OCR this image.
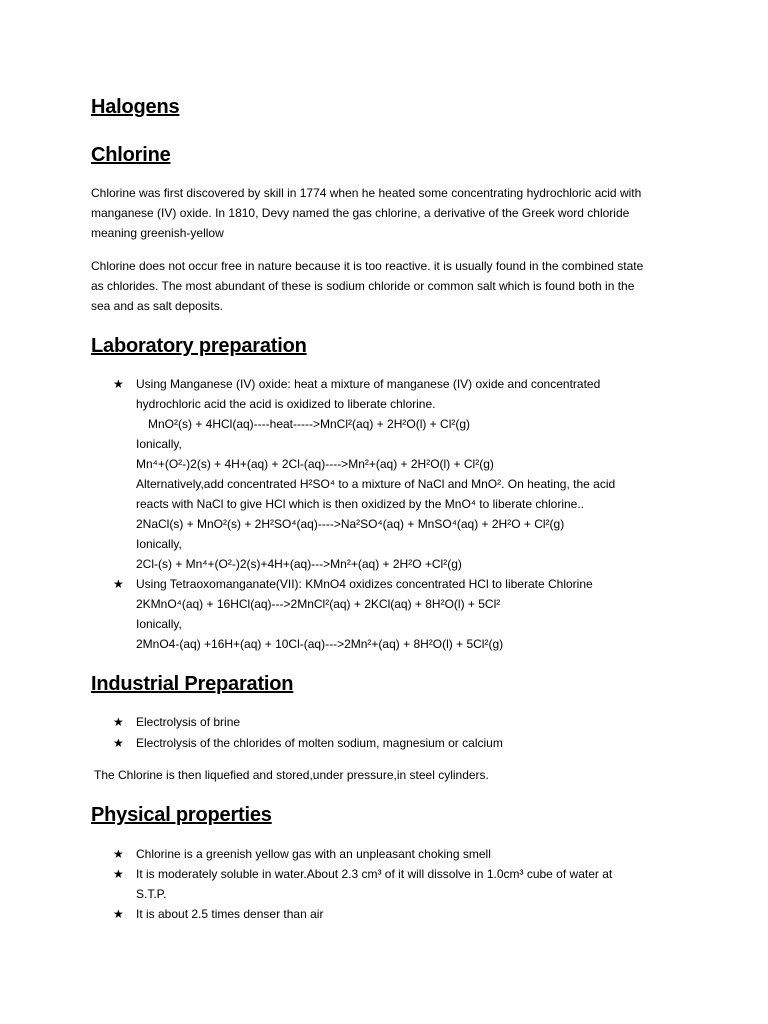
Halogens
Chlorine
Chlorine was first discovered by skill in 1774 when he heated some concentrating hydrochloric acid with
manganese (IV) oxide. In 1810, Devy named the gas chlorine, a derivative of the Greek word chloride
meaning greenish-yellow
Chlorine does not occur free in nature because it is too reactive. it is usually found in the combined state
as chlorides. The most abundant of these is sodium chloride or common salt which is found both in the
sea and as salt deposits.
Laboratory preparation
★ Using Manganese (IV) oxide: heat a mixture of manganese (IV) oxide and concentrated
hydrochloric acid the acid is oxidized to liberate chlorine.
MnO²(s) + 4HCl(aq)----heat----->MnCl²(aq) + 2H²O(l) + Cl²(g)
Ionically,
Mn⁴+(O²-)2(s) + 4H+(aq) + 2Cl-(aq)---->Mn²+(aq) + 2H²O(l) + Cl²(g)
Alternatively,add concentrated H²SO⁴ to a mixture of NaCl and MnO². On heating, the acid
reacts with NaCl to give HCl which is then oxidized by the MnO⁴ to liberate chlorine..
2NaCl(s) + MnO²(s) + 2H²SO⁴(aq)---->Na²SO⁴(aq) + MnSO⁴(aq) + 2H²O + Cl²(g)
Ionically,
2Cl-(s) + Mn⁴+(O²-)2(s)+4H+(aq)--->Mn²+(aq) + 2H²O +Cl²(g)
★ Using Tetraoxomanganate(VII): KMnO4 oxidizes concentrated HCl to liberate Chlorine
2KMnO⁴(aq) + 16HCl(aq)--->2MnCl²(aq) + 2KCl(aq) + 8H²O(l) + 5Cl²
Ionically,
2MnO4-(aq) +16H+(aq) + 10Cl-(aq)--->2Mn²+(aq) + 8H²O(l) + 5Cl²(g)
Industrial Preparation
★ Electrolysis of brine
★ Electrolysis of the chlorides of molten sodium, magnesium or calcium
The Chlorine is then liquefied and stored,under pressure,in steel cylinders.
Physical properties
★ Chlorine is a greenish yellow gas with an unpleasant choking smell
★ It is moderately soluble in water.About 2.3 cm³ of it will dissolve in 1.0cm³ cube of water at
S.T.P.
★ It is about 2.5 times denser than air
